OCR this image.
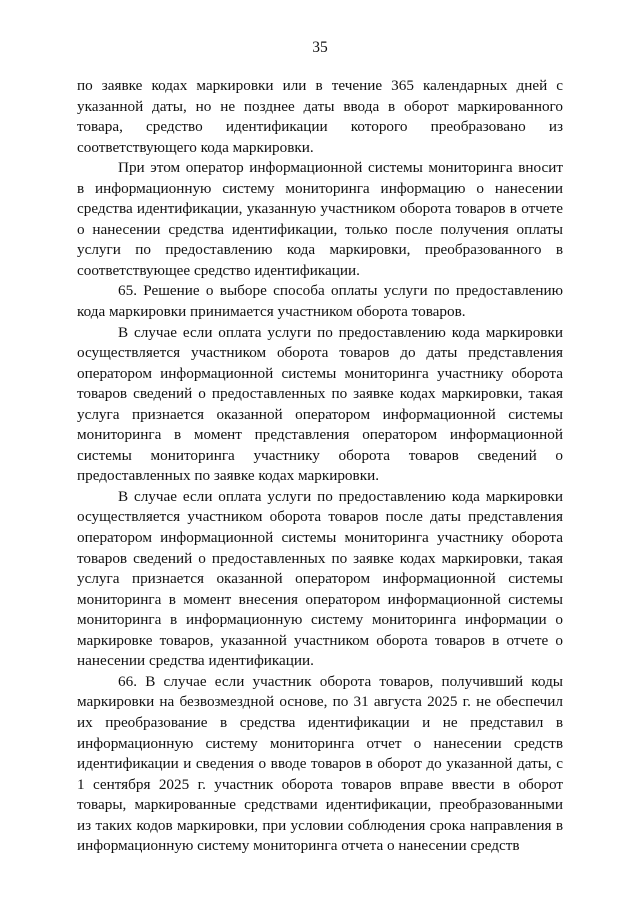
35

по заявке кодах маркировки или в течение 365 календарных дней с указанной даты, но не позднее даты ввода в оборот маркированного товара, средство идентификации которого преобразовано из соответствующего кода маркировки.

При этом оператор информационной системы мониторинга вносит в информационную систему мониторинга информацию о нанесении средства идентификации, указанную участником оборота товаров в отчете о нанесении средства идентификации, только после получения оплаты услуги по предоставлению кода маркировки, преобразованного в соответствующее средство идентификации.

65. Решение о выборе способа оплаты услуги по предоставлению кода маркировки принимается участником оборота товаров.

В случае если оплата услуги по предоставлению кода маркировки осуществляется участником оборота товаров до даты представления оператором информационной системы мониторинга участнику оборота товаров сведений о предоставленных по заявке кодах маркировки, такая услуга признается оказанной оператором информационной системы мониторинга в момент представления оператором информационной системы мониторинга участнику оборота товаров сведений о предоставленных по заявке кодах маркировки.

В случае если оплата услуги по предоставлению кода маркировки осуществляется участником оборота товаров после даты представления оператором информационной системы мониторинга участнику оборота товаров сведений о предоставленных по заявке кодах маркировки, такая услуга признается оказанной оператором информационной системы мониторинга в момент внесения оператором информационной системы мониторинга в информационную систему мониторинга информации о маркировке товаров, указанной участником оборота товаров в отчете о нанесении средства идентификации.

66. В случае если участник оборота товаров, получивший коды маркировки на безвозмездной основе, по 31 августа 2025 г. не обеспечил их преобразование в средства идентификации и не представил в информационную систему мониторинга отчет о нанесении средств идентификации и сведения о вводе товаров в оборот до указанной даты, с 1 сентября 2025 г. участник оборота товаров вправе ввести в оборот товары, маркированные средствами идентификации, преобразованными из таких кодов маркировки, при условии соблюдения срока направления в информационную систему мониторинга отчета о нанесении средств
